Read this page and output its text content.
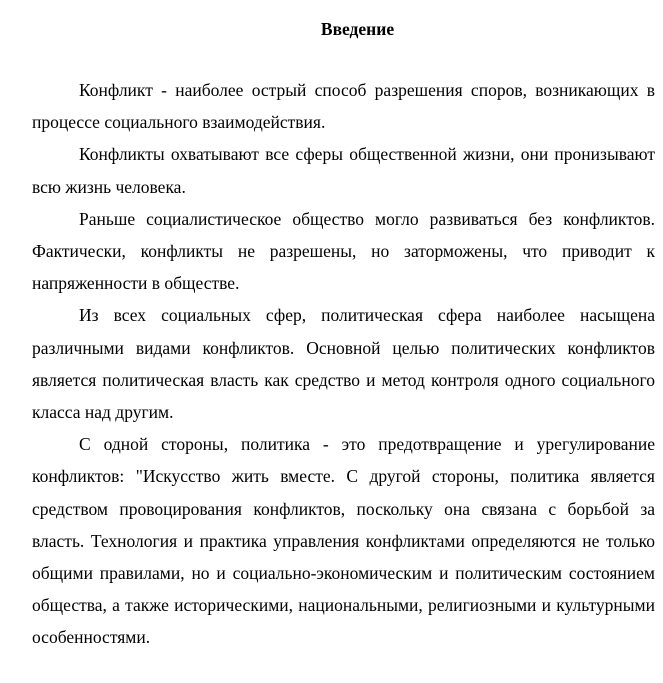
Введение

Конфликт - наиболее острый способ разрешения споров, возникающих в процессе социального взаимодействия.

Конфликты охватывают все сферы общественной жизни, они пронизывают всю жизнь человека.

Раньше социалистическое общество могло развиваться без конфликтов. Фактически, конфликты не разрешены, но заторможены, что приводит к напряженности в обществе.

Из всех социальных сфер, политическая сфера наиболее насыщена различными видами конфликтов. Основной целью политических конфликтов является политическая власть как средство и метод контроля одного социального класса над другим.

С одной стороны, политика - это предотвращение и урегулирование конфликтов: "Искусство жить вместе. С другой стороны, политика является средством провоцирования конфликтов, поскольку она связана с борьбой за власть. Технология и практика управления конфликтами определяются не только общими правилами, но и социально-экономическим и политическим состоянием общества, а также историческими, национальными, религиозными и культурными особенностями.
